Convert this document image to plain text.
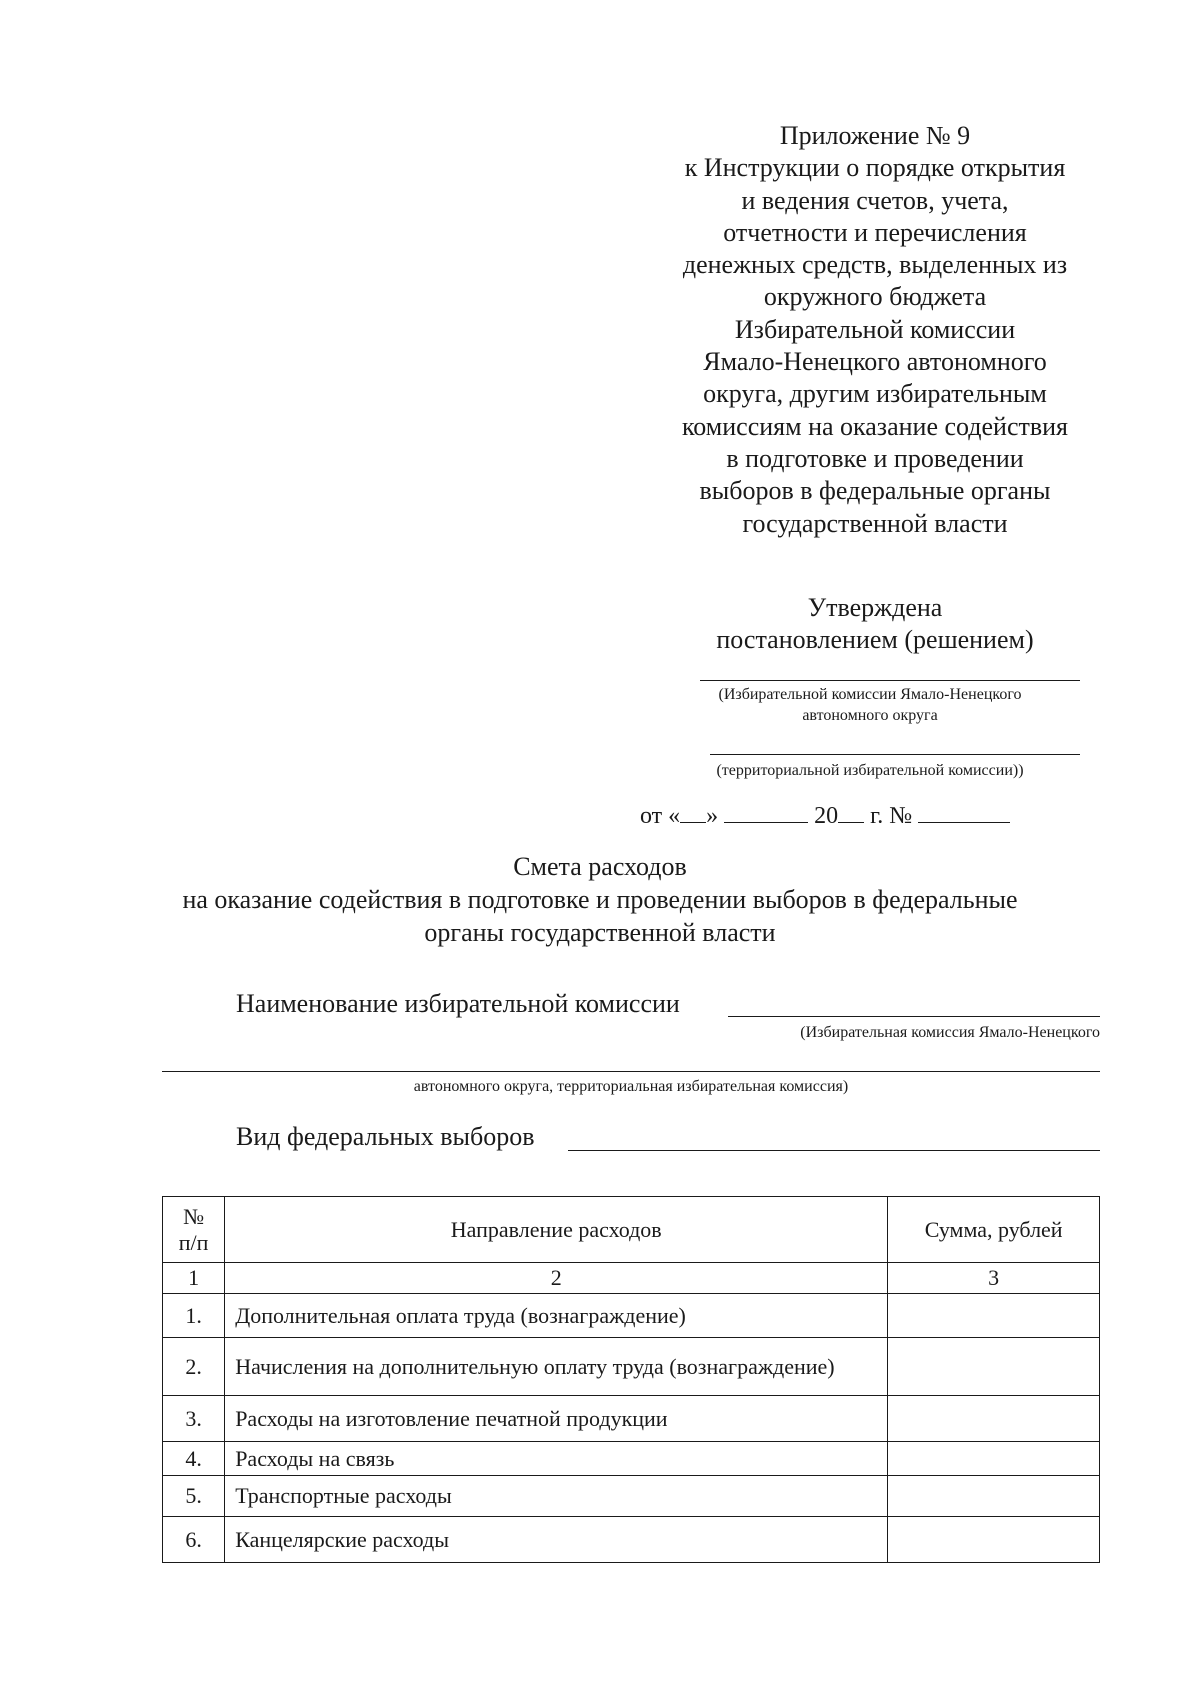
Приложение № 9
к Инструкции о порядке открытия
и ведения счетов, учета,
отчетности и перечисления
денежных средств, выделенных из
окружного бюджета
Избирательной комиссии
Ямало-Ненецкого автономного
округа, другим избирательным
комиссиям на оказание содействия
в подготовке и проведении
выборов в федеральные органы
государственной власти
Утверждена
постановлением (решением)
(Избирательной комиссии Ямало-Ненецкого
автономного округа
(территориальной избирательной комиссии))
от « »	20 г. №
Смета расходов
на оказание содействия в подготовке и проведении выборов в федеральные
органы государственной власти
Наименование избирательной комиссии
(Избирательная комиссия Ямало-Ненецкого
автономного округа, территориальная избирательная комиссия)
Вид федеральных выборов
№ п/п	Направление расходов	Сумма, рублей
1	2	3
1.	Дополнительная оплата труда (вознаграждение)	
2.	Начисления на дополнительную оплату труда (вознаграждение)	
3.	Расходы на изготовление печатной продукции	
4.	Расходы на связь	
5.	Транспортные расходы	
6.	Канцелярские расходы	
